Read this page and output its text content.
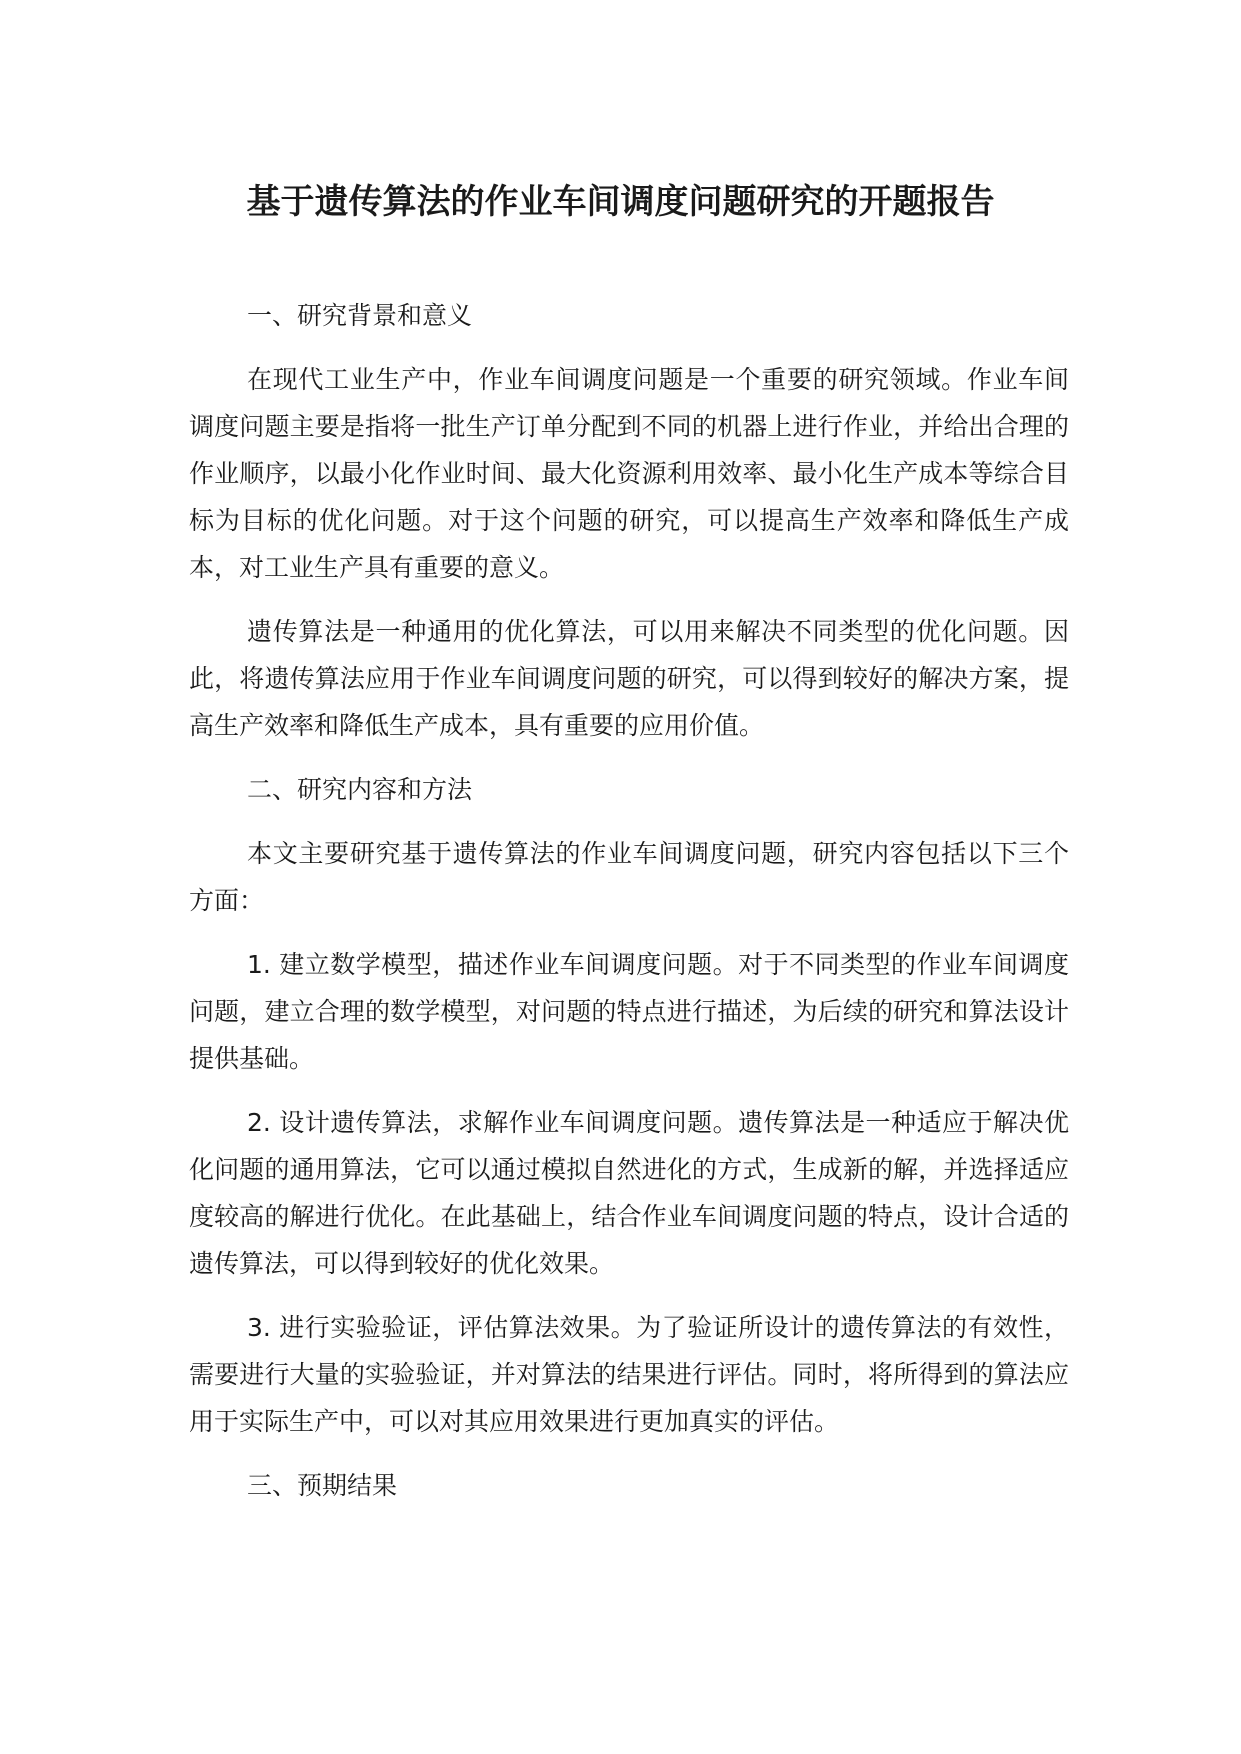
基于遗传算法的作业车间调度问题研究的开题报告

一、研究背景和意义

在现代工业生产中，作业车间调度问题是一个重要的研究领域。作业车间调度问题主要是指将一批生产订单分配到不同的机器上进行作业，并给出合理的作业顺序，以最小化作业时间、最大化资源利用效率、最小化生产成本等综合目标为目标的优化问题。对于这个问题的研究，可以提高生产效率和降低生产成本，对工业生产具有重要的意义。

遗传算法是一种通用的优化算法，可以用来解决不同类型的优化问题。因此，将遗传算法应用于作业车间调度问题的研究，可以得到较好的解决方案，提高生产效率和降低生产成本，具有重要的应用价值。

二、研究内容和方法

本文主要研究基于遗传算法的作业车间调度问题，研究内容包括以下三个方面：

1. 建立数学模型，描述作业车间调度问题。对于不同类型的作业车间调度问题，建立合理的数学模型，对问题的特点进行描述，为后续的研究和算法设计提供基础。

2. 设计遗传算法，求解作业车间调度问题。遗传算法是一种适应于解决优化问题的通用算法，它可以通过模拟自然进化的方式，生成新的解，并选择适应度较高的解进行优化。在此基础上，结合作业车间调度问题的特点，设计合适的遗传算法，可以得到较好的优化效果。

3. 进行实验验证，评估算法效果。为了验证所设计的遗传算法的有效性，需要进行大量的实验验证，并对算法的结果进行评估。同时，将所得到的算法应用于实际生产中，可以对其应用效果进行更加真实的评估。

三、预期结果
